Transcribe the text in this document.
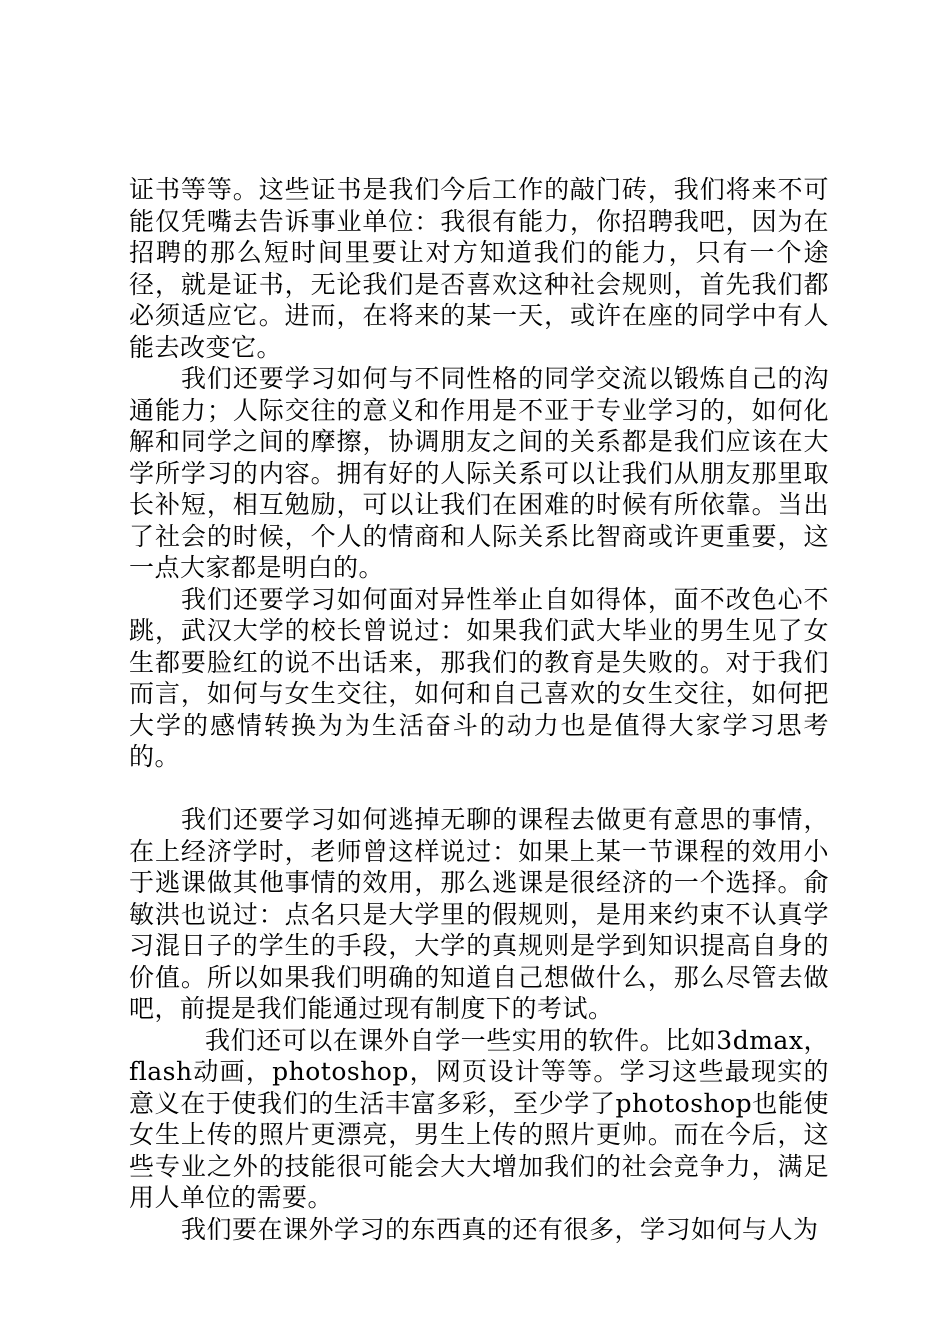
证书等等。这些证书是我们今后工作的敲门砖，我们将来不可能仅凭嘴去告诉事业单位：我很有能力，你招聘我吧，因为在招聘的那么短时间里要让对方知道我们的能力，只有一个途径，就是证书，无论我们是否喜欢这种社会规则，首先我们都必须适应它。进而，在将来的某一天，或许在座的同学中有人能去改变它。

我们还要学习如何与不同性格的同学交流以锻炼自己的沟通能力；人际交往的意义和作用是不亚于专业学习的，如何化解和同学之间的摩擦，协调朋友之间的关系都是我们应该在大学所学习的内容。拥有好的人际关系可以让我们从朋友那里取长补短，相互勉励，可以让我们在困难的时候有所依靠。当出了社会的时候，个人的情商和人际关系比智商或许更重要，这一点大家都是明白的。

我们还要学习如何面对异性举止自如得体，面不改色心不跳，武汉大学的校长曾说过：如果我们武大毕业的男生见了女生都要脸红的说不出话来，那我们的教育是失败的。对于我们而言，如何与女生交往，如何和自己喜欢的女生交往，如何把大学的感情转换为为生活奋斗的动力也是值得大家学习思考的。

我们还要学习如何逃掉无聊的课程去做更有意思的事情，在上经济学时，老师曾这样说过：如果上某一节课程的效用小于逃课做其他事情的效用，那么逃课是很经济的一个选择。俞敏洪也说过：点名只是大学里的假规则，是用来约束不认真学习混日子的学生的手段，大学的真规则是学到知识提高自身的价值。所以如果我们明确的知道自己想做什么，那么尽管去做吧，前提是我们能通过现有制度下的考试。

我们还可以在课外自学一些实用的软件。比如3dmax，flash动画，photoshop，网页设计等等。学习这些最现实的意义在于使我们的生活丰富多彩，至少学了photoshop也能使女生上传的照片更漂亮，男生上传的照片更帅。而在今后，这些专业之外的技能很可能会大大增加我们的社会竞争力，满足用人单位的需要。

我们要在课外学习的东西真的还有很多，学习如何与人为
